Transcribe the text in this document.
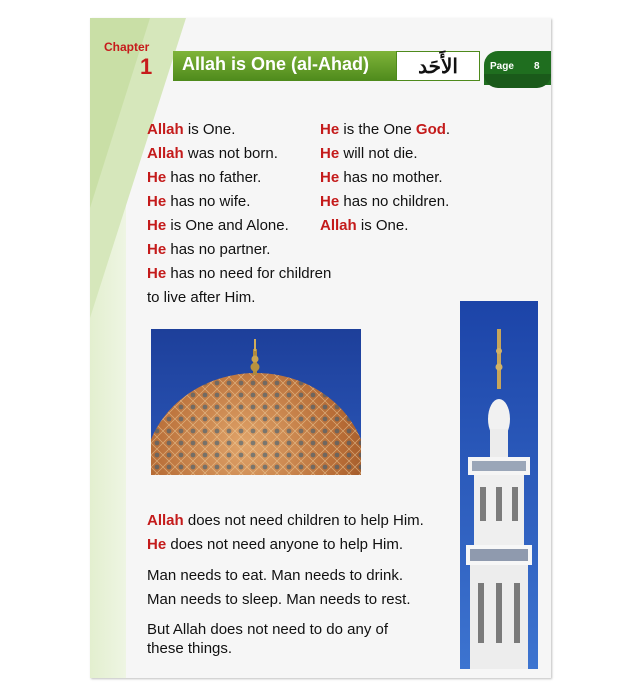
Allah is One (al-Ahad)	الأَحَد
Chapter
1	Page 8
Allah is One.
Allah was not born.
He has no father.
He has no wife.
He is One and Alone.
He has no partner.
He has no need for children
to live after Him.
He is the One God.
He will not die.
He has no mother.
He has no children.
Allah is One.
Allah does not need children to help Him.
He does not need anyone to help Him.
Man needs to eat. Man needs to drink.
Man needs to sleep. Man needs to rest.
But Allah does not need to do any of
these things.
